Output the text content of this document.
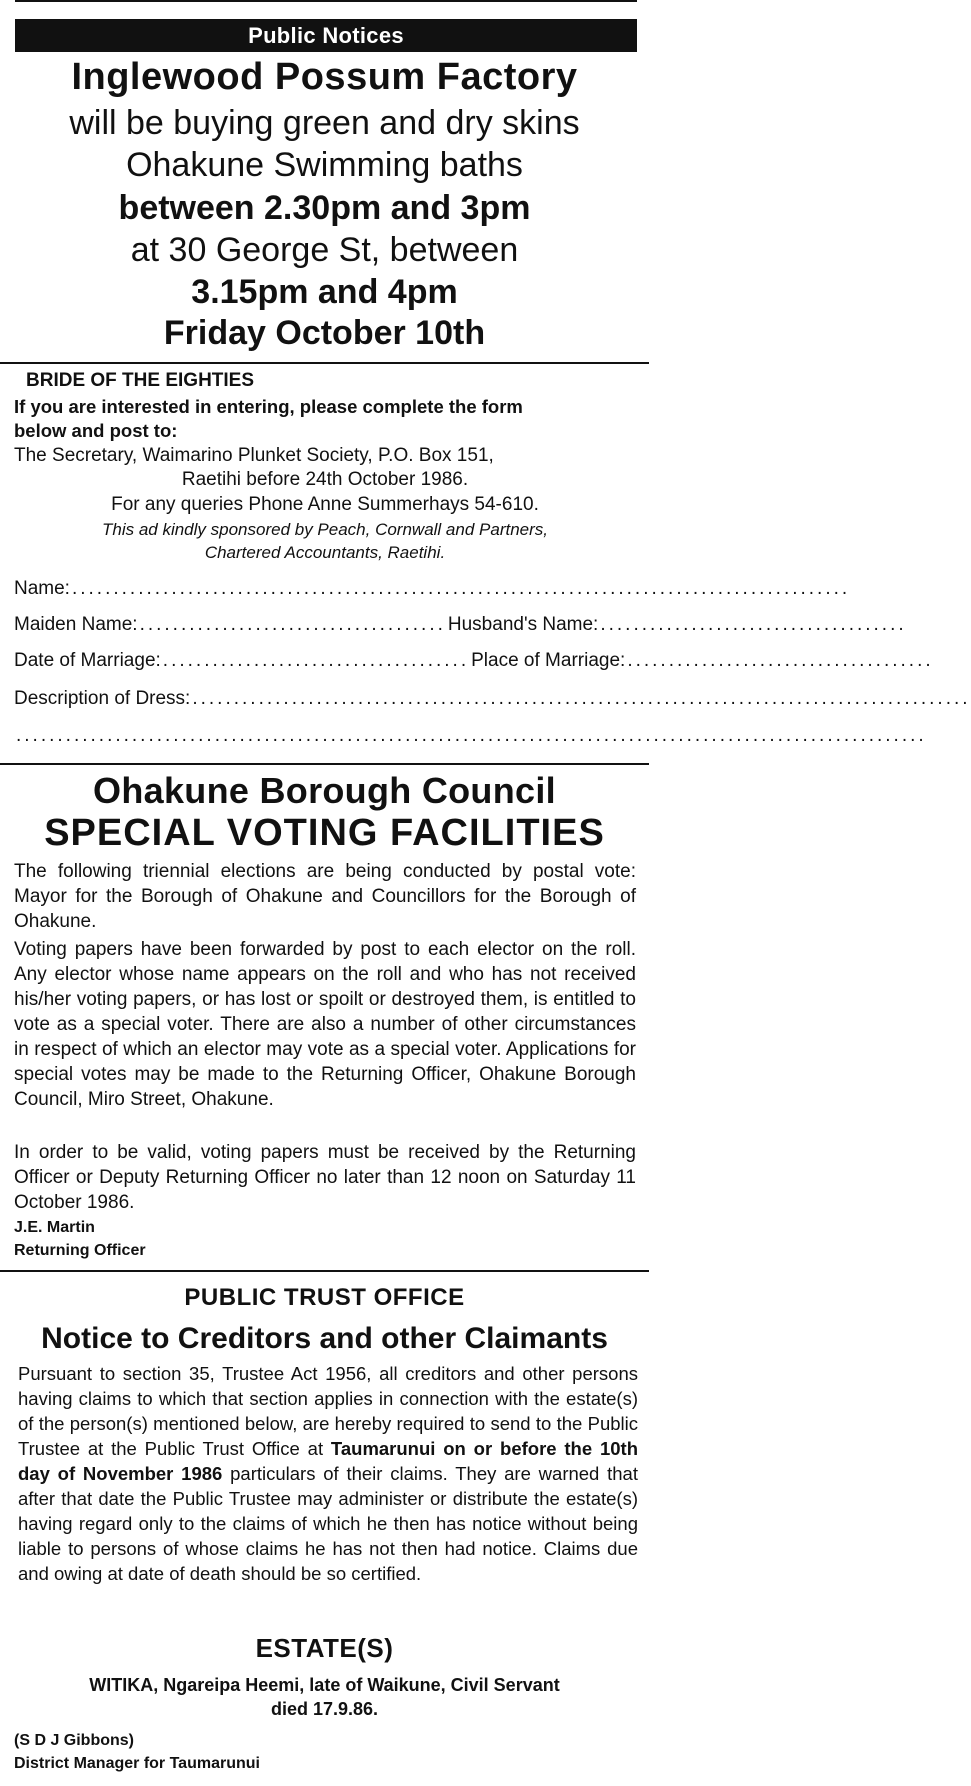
Public Notices
Inglewood Possum Factory
will be buying green and dry skins
Ohakune Swimming baths
between 2.30pm and 3pm
at 30 George St, between
3.15pm and 4pm
Friday October 10th
BRIDE OF THE EIGHTIES
If you are interested in entering, please complete the form
below and post to:
The Secretary, Waimarino Plunket Society, P.O. Box 151,
Raetihi before 24th October 1986.
For any queries Phone Anne Summerhays 54-610.
This ad kindly sponsored by Peach, Cornwall and Partners,
Chartered Accountants, Raetihi.
Name: ..............................................................................................
Maiden Name: ..................................... Husband's Name: .....................................
Date of Marriage: ..................................... Place of Marriage: .....................................
Description of Dress: ..............................................................................................
..............................................................................................................
Ohakune Borough Council
SPECIAL VOTING FACILITIES
The following triennial elections are being conducted by postal vote: Mayor for the Borough of Ohakune and Councillors for the Borough of Ohakune.
Voting papers have been forwarded by post to each elector on the roll. Any elector whose name appears on the roll and who has not received his/her voting papers, or has lost or spoilt or destroyed them, is entitled to vote as a special voter. There are also a number of other circumstances in respect of which an elector may vote as a special voter. Applications for special votes may be made to the Returning Officer, Ohakune Borough Council, Miro Street, Ohakune.
In order to be valid, voting papers must be received by the Returning Officer or Deputy Returning Officer no later than 12 noon on Saturday 11 October 1986.
J.E. Martin
Returning Officer
PUBLIC TRUST OFFICE
Notice to Creditors and other Claimants
Pursuant to section 35, Trustee Act 1956, all creditors and other persons having claims to which that section applies in connection with the estate(s) of the person(s) mentioned below, are hereby required to send to the Public Trustee at the Public Trust Office at Taumarunui on or before the 10th day of November 1986 particulars of their claims. They are warned that after that date the Public Trustee may administer or distribute the estate(s) having regard only to the claims of which he then has notice without being liable to persons of whose claims he has not then had notice. Claims due and owing at date of death should be so certified.
ESTATE(S)
WITIKA, Ngareipa Heemi, late of Waikune, Civil Servant
died 17.9.86.
(S D J Gibbons)
District Manager for Taumarunui
